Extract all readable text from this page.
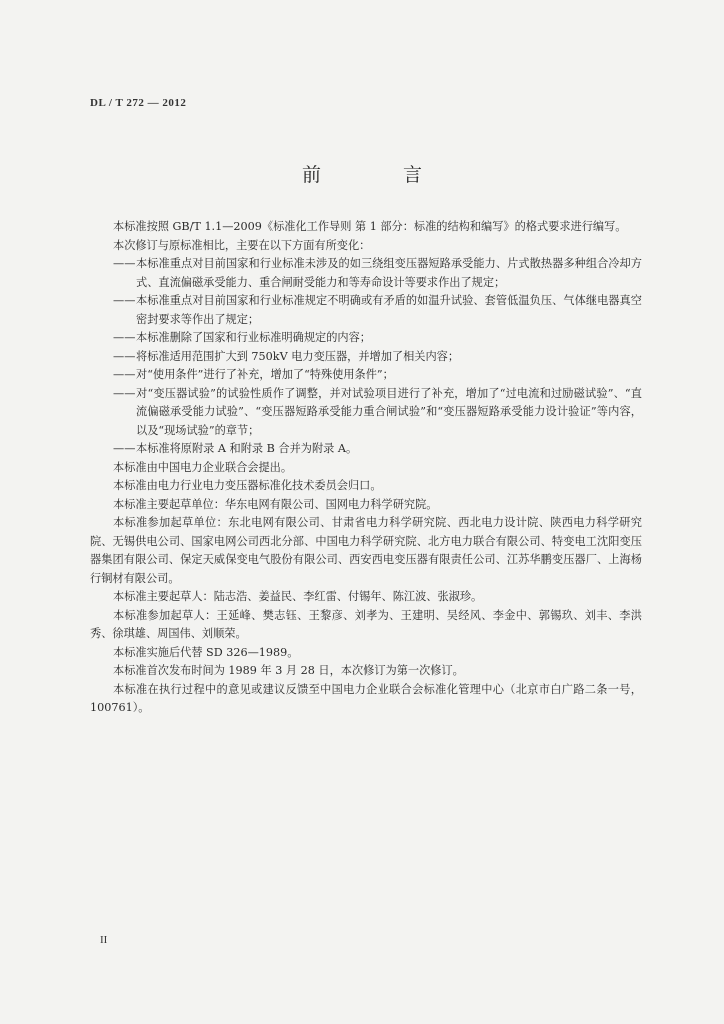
DL / T 272 — 2012
前 言

本标准按照 GB/T 1.1—2009《标准化工作导则 第 1 部分：标准的结构和编写》的格式要求进行编写。

本次修订与原标准相比，主要在以下方面有所变化：

——本标准重点对目前国家和行业标准未涉及的如三绕组变压器短路承受能力、片式散热器多种组合冷却方式、直流偏磁承受能力、重合闸耐受能力和等寿命设计等要求作出了规定；

——本标准重点对目前国家和行业标准规定不明确或有矛盾的如温升试验、套管低温负压、气体继电器真空密封要求等作出了规定；

——本标准删除了国家和行业标准明确规定的内容；

——将标准适用范围扩大到 750kV 电力变压器，并增加了相关内容；

——对“使用条件”进行了补充，增加了“特殊使用条件”；

——对“变压器试验”的试验性质作了调整，并对试验项目进行了补充，增加了“过电流和过励磁试验”、“直流偏磁承受能力试验”、“变压器短路承受能力重合闸试验”和“变压器短路承受能力设计验证”等内容，以及“现场试验”的章节；

——本标准将原附录 A 和附录 B 合并为附录 A。

本标准由中国电力企业联合会提出。

本标准由电力行业电力变压器标准化技术委员会归口。

本标准主要起草单位：华东电网有限公司、国网电力科学研究院。

本标准参加起草单位：东北电网有限公司、甘肃省电力科学研究院、西北电力设计院、陕西电力科学研究院、无锡供电公司、国家电网公司西北分部、中国电力科学研究院、北方电力联合有限公司、特变电工沈阳变压器集团有限公司、保定天威保变电气股份有限公司、西安西电变压器有限责任公司、江苏华鹏变压器厂、上海杨行铜材有限公司。

本标准主要起草人：陆志浩、姜益民、李红雷、付锡年、陈江波、张淑珍。

本标准参加起草人：王延峰、樊志钰、王黎彦、刘孝为、王建明、吴经风、李金中、郭锡玖、刘丰、李洪秀、徐琪雄、周国伟、刘顺荣。

本标准实施后代替 SD 326—1989。

本标准首次发布时间为 1989 年 3 月 28 日，本次修订为第一次修订。

本标准在执行过程中的意见或建议反馈至中国电力企业联合会标准化管理中心（北京市白广路二条一号，100761）。

II
